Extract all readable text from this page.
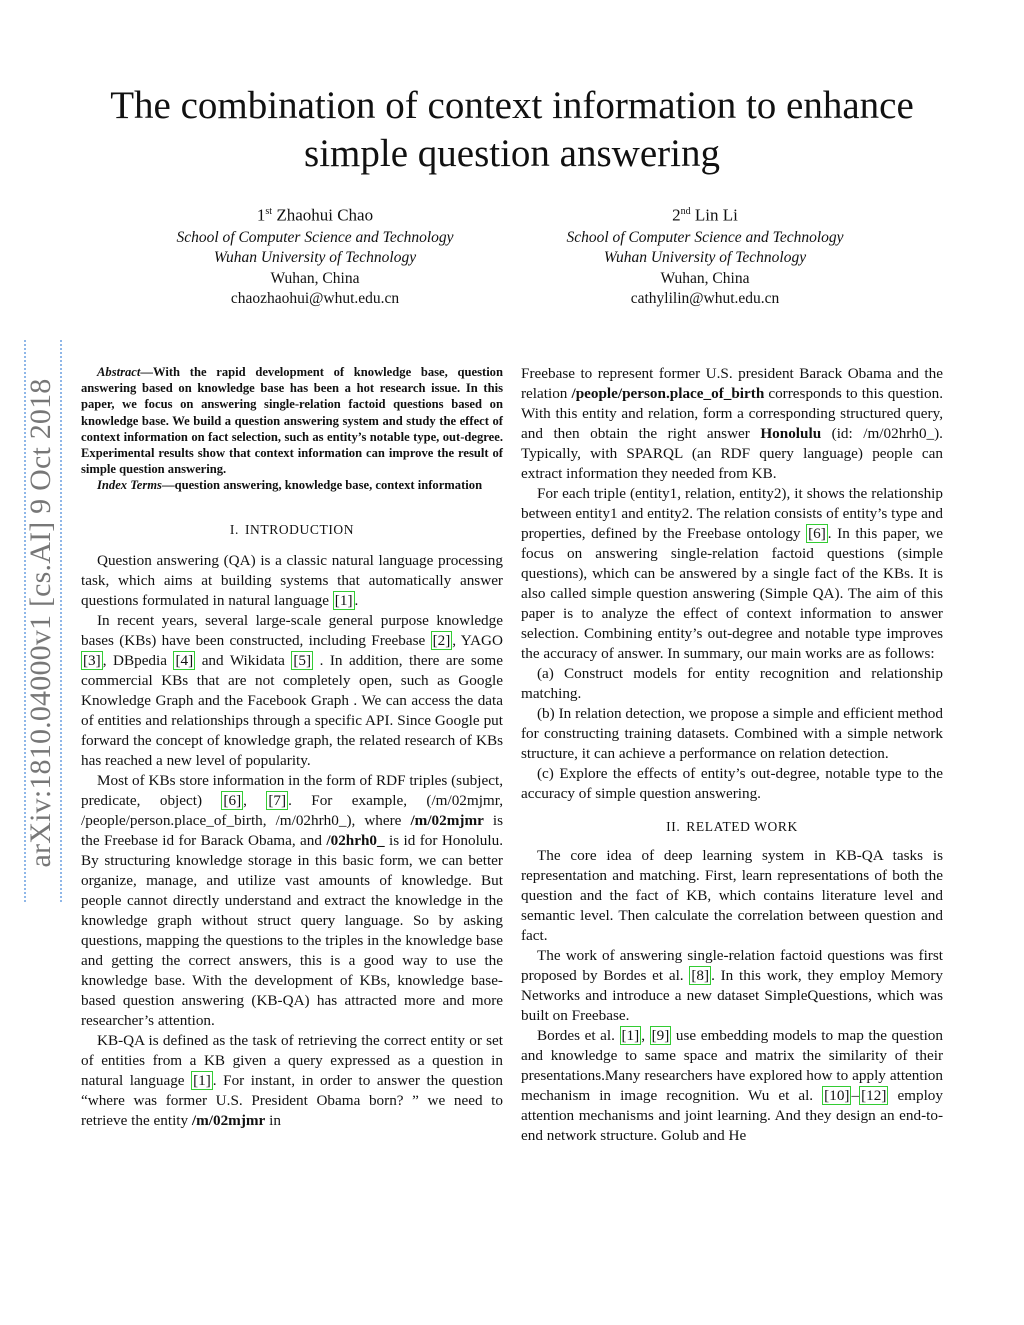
The combination of context information to enhance simple question answering
1st Zhaohui Chao
School of Computer Science and Technology
Wuhan University of Technology
Wuhan, China
chaozhaohui@whut.edu.cn
2nd Lin Li
School of Computer Science and Technology
Wuhan University of Technology
Wuhan, China
cathylilin@whut.edu.cn
arXiv:1810.04000v1 [cs.AI] 9 Oct 2018

Abstract—With the rapid development of knowledge base, question answering based on knowledge base has been a hot research issue. In this paper, we focus on answering single-relation factoid questions based on knowledge base. We build a question answering system and study the effect of context information on fact selection, such as entity’s notable type, out-degree. Experimental results show that context information can improve the result of simple question answering.

Index Terms—question answering, knowledge base, context information

I. INTRODUCTION

Question answering (QA) is a classic natural language processing task, which aims at building systems that automatically answer questions formulated in natural language [1] .

In recent years, several large-scale general purpose knowledge bases (KBs) have been constructed, including Freebase [2] , YAGO [3] , DBpedia [4] and Wikidata [5] . In addition, there are some commercial KBs that are not completely open, such as Google Knowledge Graph and the Facebook Graph . We can access the data of entities and relationships through a specific API. Since Google put forward the concept of knowledge graph, the related research of KBs has reached a new level of popularity.

Most of KBs store information in the form of RDF triples (subject, predicate, object) [6] , [7] . For example, (/m/02mjmr, /people/person.place_of_birth, /m/02hrh0_), where /m/02mjmr is the Freebase id for Barack Obama, and /02hrh0_ is id for Honolulu. By structuring knowledge storage in this basic form, we can better organize, manage, and utilize vast amounts of knowledge. But people cannot directly understand and extract the knowledge in the knowledge graph without struct query language. So by asking questions, mapping the questions to the triples in the knowledge base and getting the correct answers, this is a good way to use the knowledge base. With the development of KBs, knowledge base-based question answering (KB-QA) has attracted more and more researcher’s attention.

KB-QA is defined as the task of retrieving the correct entity or set of entities from a KB given a query expressed as a question in natural language [1] . For instant, in order to answer the question “where was former U.S. President Obama born? ” we need to retrieve the entity /m/02mjmr in

Freebase to represent former U.S. president Barack Obama and the relation /people/person.place_of_birth corresponds to this question. With this entity and relation, form a corresponding structured query, and then obtain the right answer Honolulu (id: /m/02hrh0_). Typically, with SPARQL (an RDF query language) people can extract information they needed from KB.

For each triple (entity1, relation, entity2), it shows the relationship between entity1 and entity2. The relation consists of entity’s type and properties, defined by the Freebase ontology [6] . In this paper, we focus on answering single-relation factoid questions (simple questions), which can be answered by a single fact of the KBs. It is also called simple question answering (Simple QA). The aim of this paper is to analyze the effect of context information to answer selection. Combining entity’s out-degree and notable type improves the accuracy of answer. In summary, our main works are as follows:

(a) Construct models for entity recognition and relationship matching.

(b) In relation detection, we propose a simple and efficient method for constructing training datasets. Combined with a simple network structure, it can achieve a performance on relation detection.

(c) Explore the effects of entity’s out-degree, notable type to the accuracy of simple question answering.

II. RELATED WORK

The core idea of deep learning system in KB-QA tasks is representation and matching. First, learn representations of both the question and the fact of KB, which contains literature level and semantic level. Then calculate the correlation between question and fact.

The work of answering single-relation factoid questions was first proposed by Bordes et al. [8] . In this work, they employ Memory Networks and introduce a new dataset SimpleQuestions, which was built on Freebase.

Bordes et al. [1] , [9] use embedding models to map the question and knowledge to same space and matrix the similarity of their presentations.Many researchers have explored how to apply attention mechanism in image recognition. Wu et al. [10] – [12] employ attention mechanisms and joint learning. And they design an end-to-end network structure. Golub and He
